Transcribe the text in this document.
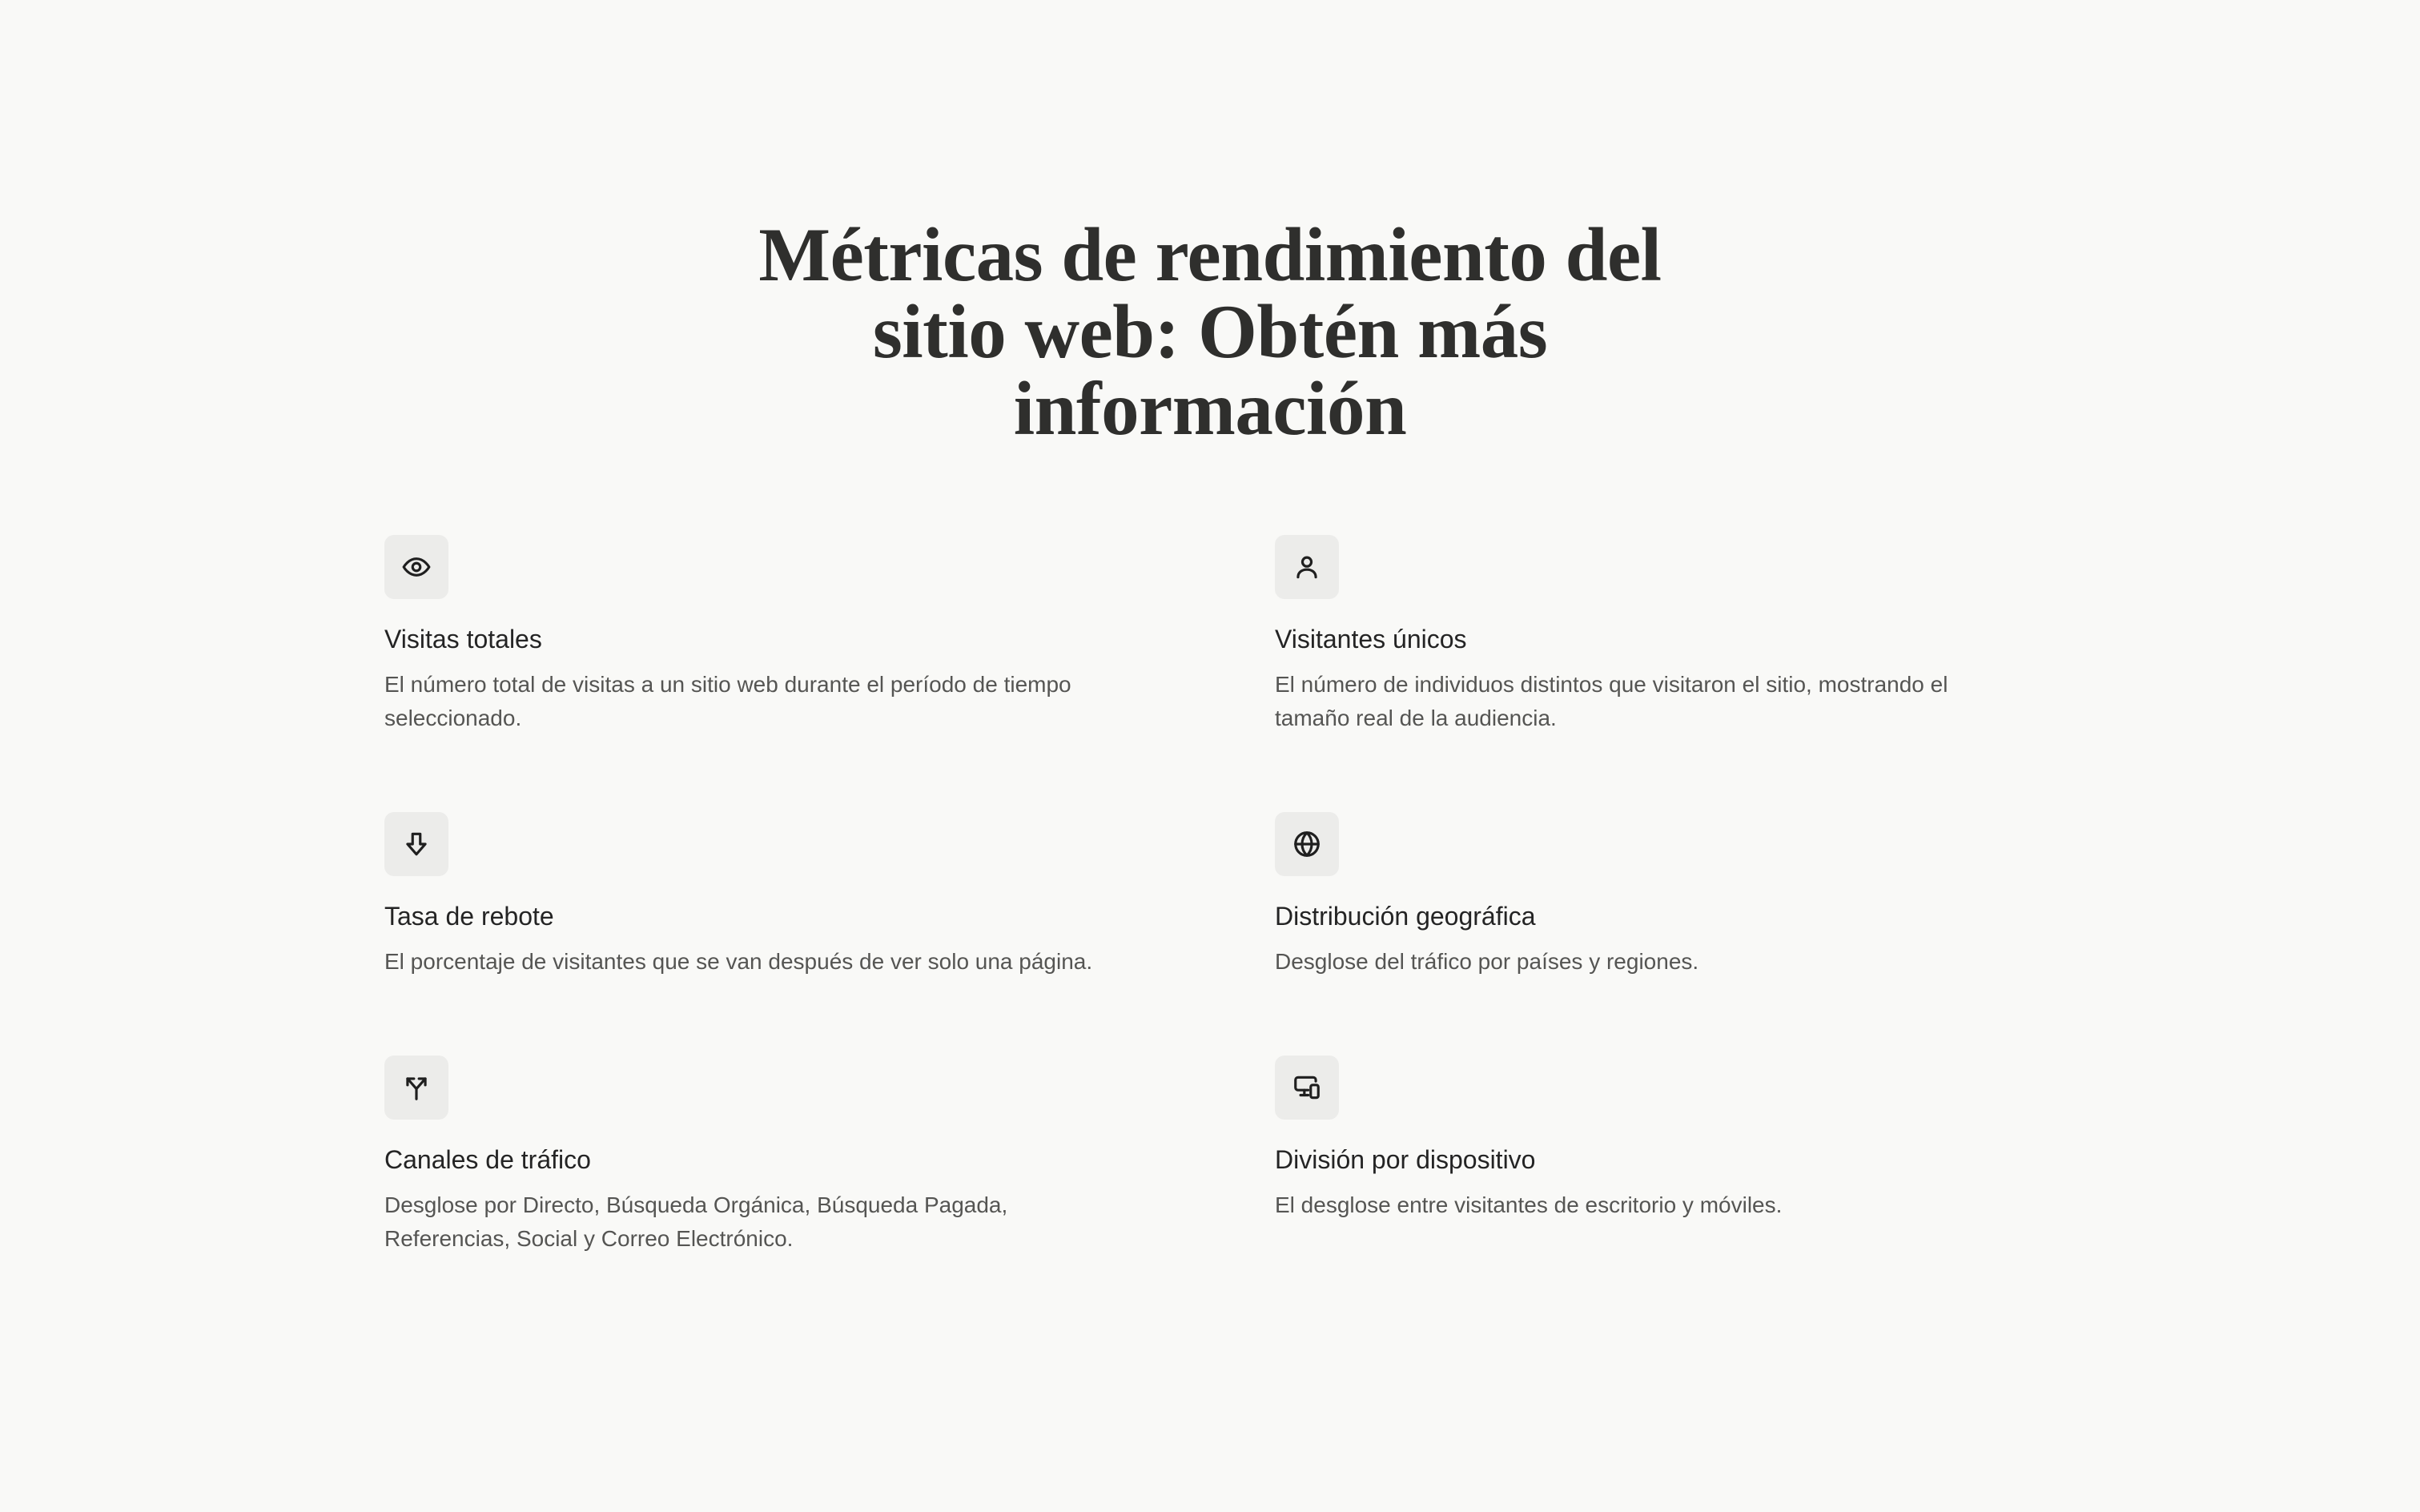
Métricas de rendimiento del
sitio web: Obtén más
información
Visitas totales

El número total de visitas a un sitio web durante el período de tiempo seleccionado.

Visitantes únicos

El número de individuos distintos que visitaron el sitio, mostrando el tamaño real de la audiencia.

Tasa de rebote

El porcentaje de visitantes que se van después de ver solo una página.

Distribución geográfica

Desglose del tráfico por países y regiones.

Canales de tráfico

Desglose por Directo, Búsqueda Orgánica, Búsqueda Pagada, Referencias, Social y Correo Electrónico.

División por dispositivo

El desglose entre visitantes de escritorio y móviles.
